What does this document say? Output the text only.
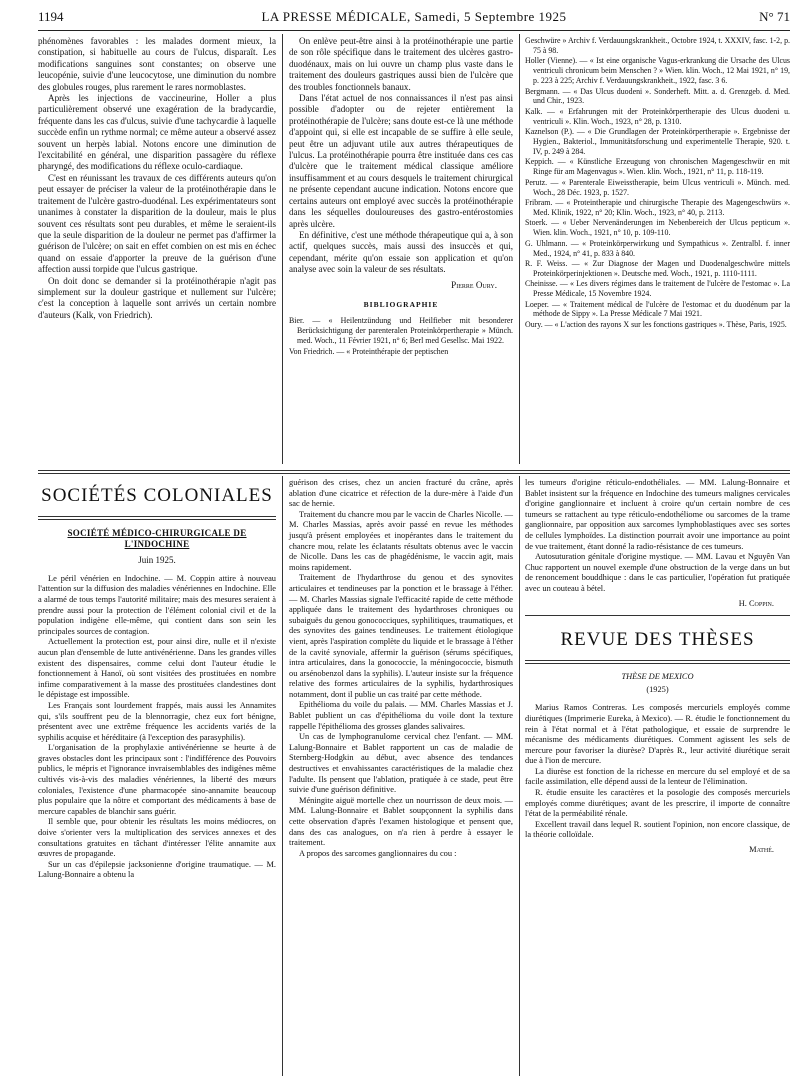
1194	LA PRESSE MÉDICALE, Samedi, 5 Septembre 1925	N° 71

phénomènes favorables : les malades dorment mieux, la constipation, si habituelle au cours de l'ulcus, disparaît. Les modifications sanguines sont constantes; on observe une leucopénie, suivie d'une leucocytose, une diminution du nombre des globules rouges, plus rarement le rares normoblastes.

Après les injections de vaccineurine, Holler a plus particulièrement observé une exagération de la bradycardie, fréquente dans les cas d'ulcus, suivie d'une tachycardie à laquelle succède enfin un rythme normal; ce même auteur a observé assez souvent un herpès labial. Notons encore une diminution de l'excitabilité en général, une disparition passagère du réflexe pharyngé, des modifications du réflexe oculo-cardiaque.

C'est en réunissant les travaux de ces différents auteurs qu'on peut essayer de préciser la valeur de la protéinothérapie dans le traitement de l'ulcère gastro-duodénal. Les expérimentateurs sont unanimes à constater la disparition de la douleur, mais le plus souvent ces résultats sont peu durables, et même le seraient-ils que la seule disparition de la douleur ne permet pas d'affirmer la guérison de l'ulcère; on sait en effet combien on est mis en échec quand on essaie d'apporter la preuve de la guérison d'une affection aussi torpide que l'ulcus gastrique.

On doit donc se demander si la protéinothérapie n'agit pas simplement sur la douleur gastrique et nullement sur l'ulcère; c'est la conception à laquelle sont arrivés un certain nombre d'auteurs (Kalk, von Friedrich).

On enlève peut-être ainsi à la protéinothérapie une partie de son rôle spécifique dans le traitement des ulcères gastro-duodénaux, mais on lui ouvre un champ plus vaste dans le traitement des douleurs gastriques aussi bien de l'ulcère que des troubles fonctionnels banaux.

Dans l'état actuel de nos connaissances il n'est pas ainsi possible d'adopter ou de rejeter entièrement la protéinothérapie de l'ulcère; sans doute est-ce là une méthode d'appoint qui, si elle est incapable de se suffire à elle seule, peut être un adjuvant utile aux autres thérapeutiques de l'ulcus. La protéinothérapie pourra être instituée dans ces cas d'ulcère que le traitement médical classique améliore insuffisamment et au cours desquels le traitement chirurgical ne présente cependant aucune indication. Notons encore que certains auteurs ont employé avec succès la protéinothérapie dans les séquelles douloureuses des gastro-entérostomies après ulcère.

En définitive, c'est une méthode thérapeutique qui a, à son actif, quelques succès, mais aussi des insuccès et qui, cependant, mérite qu'on essaie son application et qu'on analyse avec soin la valeur de ses résultats.

Pierre Oury.
BIBLIOGRAPHIE

Bier. — « Heilentzündung und Heilfieber mit besonderer Berücksichtigung der parenteralen Proteinkörpertherapie » Münch. med. Woch., 11 Février 1921, n° 6; Berl med Gesellsc. Mai 1922.

Von Friedrich. — « Proteinthérapie der peptischen

Geschwüre » Archiv f. Verdauungskrankheit., Octobre 1924, t. XXXIV, fasc. 1-2, p. 75 à 98.

Holler (Vienne). — « Ist eine organische Vagus-erkrankung die Ursache des Ulcus ventriculi chronicum beim Menschen ? » Wien. klin. Woch., 12 Mai 1921, n° 19, p. 223 à 225; Archiv f. Verdauungskrankheit., 1922, fasc. 3 6.

Bergmann. — « Das Ulcus duodeni ». Sonderheft. Mitt. a. d. Grenzgeb. d. Med. und Chir., 1923.

Kalk. — « Erfahrungen mit der Proteinkörpertherapie des Ulcus duodeni u. ventriculi ». Klin. Woch., 1923, n° 28, p. 1310.

Kaznelson (P.). — « Die Grundlagen der Proteinkörpertherapie ». Ergebnisse der Hygien., Bakteriol., Immunitätsforschung und experimentelle Therapie, 920. t. IV, p. 249 à 284.

Keppich. — « Künstliche Erzeugung von chronischen Magengeschwür en mit Ringe für am Magenvagus ». Wien. klin. Woch., 1921, n° 11, p. 118-119.

Perutz. — « Parenterale Eiweisstherapie, beim Ulcus ventriculi ». Münch. med. Woch., 28 Déc. 1923, p. 1527.

Fribram. — « Proteintherapie und chirurgische Therapie des Magengeschwürs ». Med. Klinik, 1922, n° 20; Klin. Woch., 1923, n° 40, p. 2113.

Stoerk. — « Ueber Nervenänderungen im Nebenbereich der Ulcus pepticum ». Wien. klin. Woch., 1921, n° 10, p. 109-110.

G. Uhlmann. — « Proteinkörperwirkung und Sympathicus ». Zentralbl. f. inner Med., 1924, n° 41, p. 833 à 840.

R. F. Weiss. — « Zur Diagnose der Magen und Duodenalgeschwüre mittels Proteinkörperinjektionen ». Deutsche med. Woch., 1921, p. 1110-1111.

Cheinisse. — « Les divers régimes dans le traitement de l'ulcère de l'estomac ». La Presse Médicale, 15 Novembre 1924.

Loeper. — « Traitement médical de l'ulcère de l'estomac et du duodénum par la méthode de Sippy ». La Presse Médicale 7 Mai 1921.

Oury. — « L'action des rayons X sur les fonctions gastriques ». Thèse, Paris, 1925.

SOCIÉTÉS COLONIALES
SOCIÉTÉ MÉDICO-CHIRURGICALE DE L'INDOCHINE
Juin 1925.

Le péril vénérien en Indochine. — M. Coppin attire à nouveau l'attention sur la diffusion des maladies vénériennes en Indochine. Elle a alarmé de tous temps l'autorité militaire; mais des mesures seraient à prendre aussi pour la protection de l'élément colonial civil et de la population indigène elle-même, qui contient dans son sein les principales sources de contagion.

Actuellement la protection est, pour ainsi dire, nulle et il n'existe aucun plan d'ensemble de lutte antivénérienne. Dans les grandes villes existent des dispensaires, comme celui dont l'auteur étudie le fonctionnement à Hanoï, où sont visitées des prostituées en nombre infime comparativement à la masse des prostituées clandestines dont le dépistage est impossible.

Les Français sont lourdement frappés, mais aussi les Annamites qui, s'ils souffrent peu de la blennorragie, chez eux fort bénigne, présentent avec une extrême fréquence les accidents variés de la syphilis acquise et héréditaire (à l'exception des parasyphilis).

L'organisation de la prophylaxie antivénérienne se heurte à de graves obstacles dont les principaux sont : l'indifférence des Pouvoirs publics, le mépris et l'ignorance invraisemblables des indigènes même cultivés vis-à-vis des maladies vénériennes, la liberté des mœurs coloniales, l'existence d'une pharmacopée sino-annamite beaucoup plus populaire que la nôtre et comportant des médicaments à base de mercure capables de blanchir sans guérir.

Il semble que, pour obtenir les résultats les moins médiocres, on doive s'orienter vers la multiplication des services annexes et des consultations gratuites en tâchant d'intéresser l'élite annamite aux œuvres de propagande.

Sur un cas d'épilepsie jacksonienne d'origine traumatique. — M. Lalung-Bonnaire a obtenu la

guérison des crises, chez un ancien fracturé du crâne, après ablation d'une cicatrice et réfection de la dure-mère à l'aide d'un sac de hernie.

Traitement du chancre mou par le vaccin de Charles Nicolle. — M. Charles Massias, après avoir passé en revue les méthodes jusqu'à présent employées et inopérantes dans le traitement du chancre mou, relate les éclatants résultats obtenus avec le vaccin de Nicolle. Dans les cas de phagédénisme, le vaccin agit, mais moins rapidement.

Traitement de l'hydarthrose du genou et des synovites articulaires et tendineuses par la ponction et le brassage à l'éther. — M. Charles Massias signale l'efficacité rapide de cette méthode appliquée dans le traitement des hydarthroses chroniques ou subaiguës du genou gonococciques, syphilitiques, traumatiques, et des synovites des gaines tendineuses. Le traitement étiologique vient, après l'aspiration complète du liquide et le brassage à l'éther de la cavité synoviale, affermir la guérison (sérums spécifiques, intra articulaires, dans la gonococcie, la méningococcie, bismuth ou arsénobenzol dans la syphilis). L'auteur insiste sur la fréquence relative des formes articulaires de la syphilis, hydarthrosiques notamment, dont il publie un cas traité par cette méthode.

Epithélioma du voile du palais. — MM. Charles Massias et J. Bablet publient un cas d'épithélioma du voile dont la texture rappelle l'épithélioma des grosses glandes salivaires.

Un cas de lymphogranulome cervical chez l'enfant. — MM. Lalung-Bonnaire et Bablet rapportent un cas de maladie de Sternberg-Hodgkin au début, avec absence des tendances destructives et envahissantes caractéristiques de la maladie chez l'adulte. Ils pensent que l'ablation, pratiquée à ce stade, peut être suivie d'une guérison définitive.

Méningite aiguë mortelle chez un nourrisson de deux mois. — MM. Lalung-Bonnaire et Bablet soupçonnent la syphilis dans cette observation d'après l'examen histologique et pensent que, dans des cas analogues, on n'a rien à perdre à essayer le traitement.

A propos des sarcomes ganglionnaires du cou :

les tumeurs d'origine réticulo-endothéliales. — MM. Lalung-Bonnaire et Bablet insistent sur la fréquence en Indochine des tumeurs malignes cervicales d'origine ganglionnaire et incluent à croire qu'un certain nombre de ces tumeurs se rattachent au type réticulo-endothéliome ou sarcomes de la trame ganglionnaire, par opposition aux sarcomes lymphoblastiques avec ses sortes de cellules lymphoïdes. La distinction pourrait avoir une importance au point de vue traitement, étant donné la radio-résistance de ces tumeurs.

Autosuturation génitale d'origine mystique. — MM. Lavau et Nguyên Van Chuc rapportent un nouvel exemple d'une obstruction de la verge dans un but de renoncement bouddhique : dans le cas particulier, l'opération fut pratiquée avec un couteau à bétel.

H. Coppin.
REVUE DES THÈSES
THÈSE DE MEXICO
(1925)

Marius Ramos Contreras. Les composés mercuriels employés comme diurétiques (Imprimerie Eureka, à Mexico). — R. étudie le fonctionnement du rein à l'état normal et à l'état pathologique, et essaie de surprendre le mécanisme des médicaments diurétiques. Comment agissent les sels de mercure pour favoriser la diurèse? D'après R., leur activité diurétique serait due à l'ion de mercure.

La diurèse est fonction de la richesse en mercure du sel employé et de sa facile assimilation, elle dépend aussi de la lenteur de l'élimination.

R. étudie ensuite les caractères et la posologie des composés mercuriels employés comme diurétiques; avant de les prescrire, il importe de connaître l'état de la perméabilité rénale.

Excellent travail dans lequel R. soutient l'opinion, non encore classique, de la théorie colloïdale.

Mathé.
